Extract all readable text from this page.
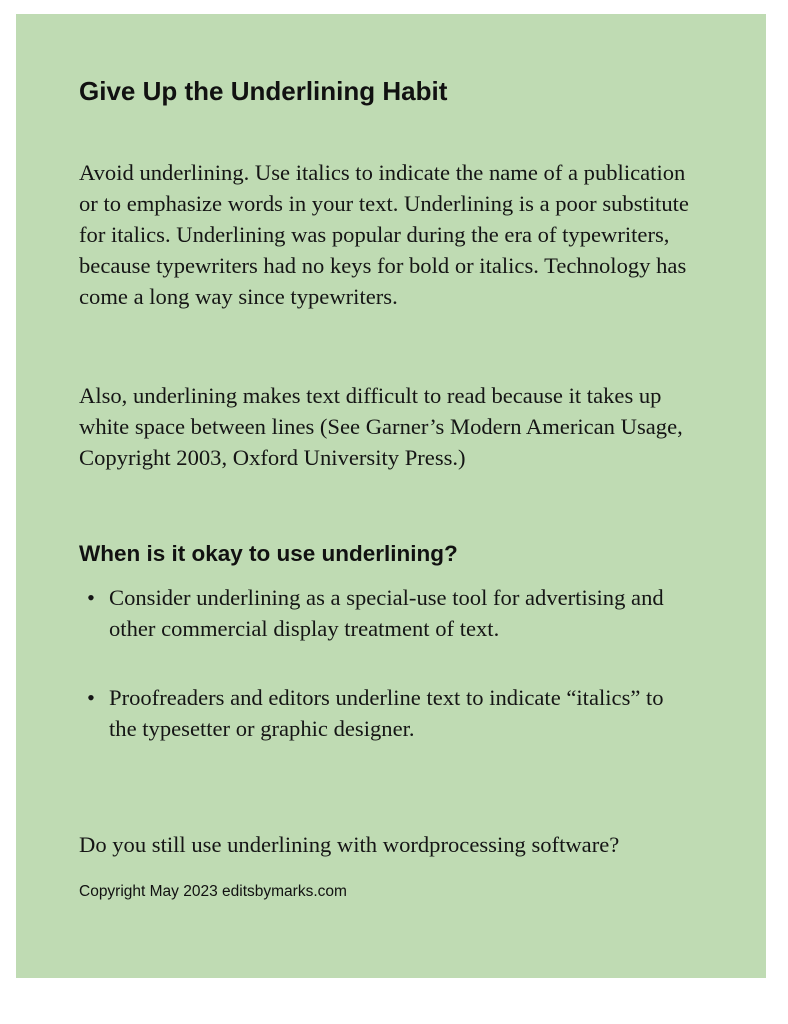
Give Up the Underlining Habit

Avoid underlining. Use italics to indicate the name of a publication or to emphasize words in your text. Underlining is a poor substitute for italics. Underlining was popular during the era of typewriters, because typewriters had no keys for bold or italics. Technology has come a long way since typewriters.

Also, underlining makes text difficult to read because it takes up white space between lines (See Garner’s Modern American Usage, Copyright 2003, Oxford University Press.)

When is it okay to use underlining?
• Consider underlining as a special-use tool for advertising and other commercial display treatment of text.
• Proofreaders and editors underline text to indicate “italics” to the typesetter or graphic designer.

Do you still use underlining with wordprocessing software?

Copyright May 2023 editsbymarks.com
